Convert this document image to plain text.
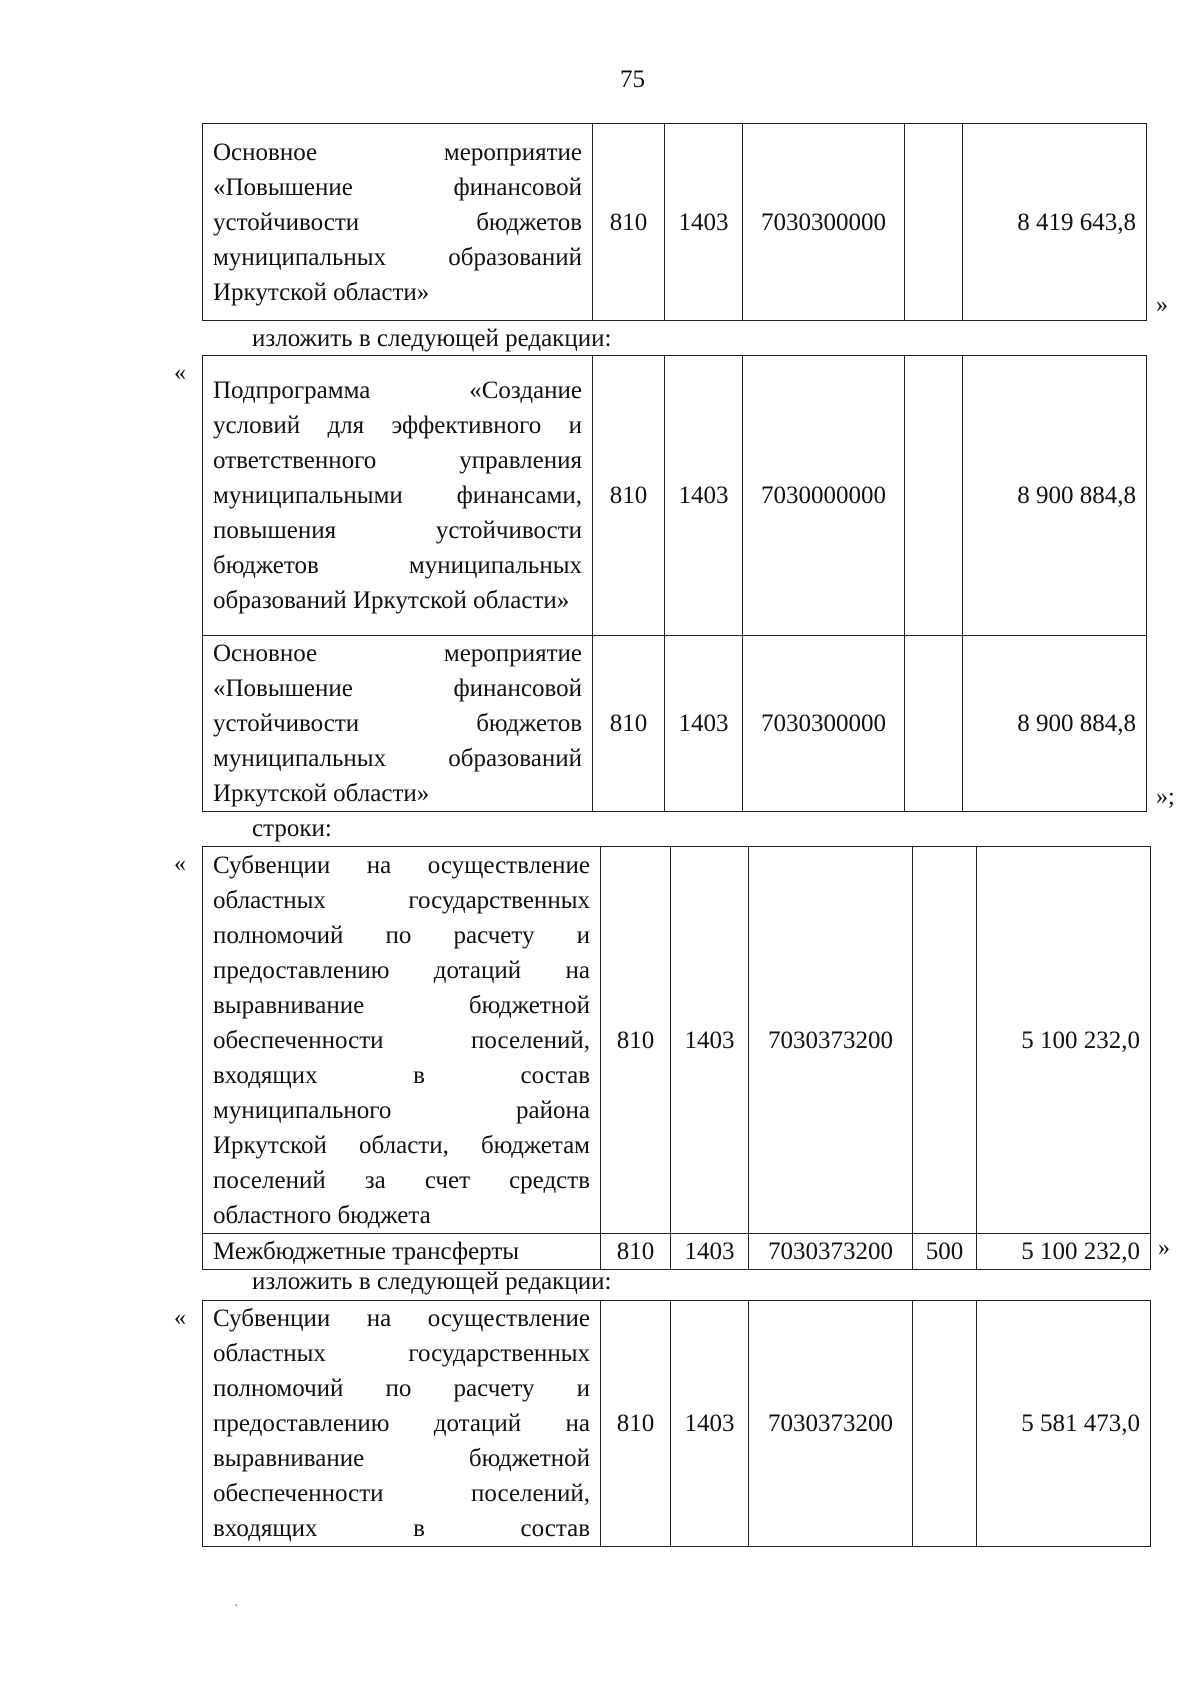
75
Основное мероприятие «Повышение финансовой устойчивости бюджетов муниципальных образований Иркутской области»	810	1403	7030300000		8 419 643,8
»
изложить в следующей редакции:
«
Подпрограмма «Создание условий для эффективного и ответственного управления муниципальными финансами, повышения устойчивости бюджетов муниципальных образований Иркутской области»	810	1403	7030000000		8 900 884,8
Основное мероприятие «Повышение финансовой устойчивости бюджетов муниципальных образований Иркутской области»	810	1403	7030300000		8 900 884,8
»;
строки:
« Субвенции на осуществление областных государственных полномочий по расчету и предоставлению дотаций на выравнивание бюджетной обеспеченности поселений, входящих в состав муниципального района Иркутской области, бюджетам поселений за счет средств областного бюджета	810	1403	7030373200		5 100 232,0
Межбюджетные трансферты	810	1403	7030373200	500	5 100 232,0 »
изложить в следующей редакции:
« Субвенции на осуществление областных государственных полномочий по расчету и предоставлению дотаций на выравнивание бюджетной обеспеченности поселений, входящих в состав	810	1403	7030373200		5 581 473,0
`
